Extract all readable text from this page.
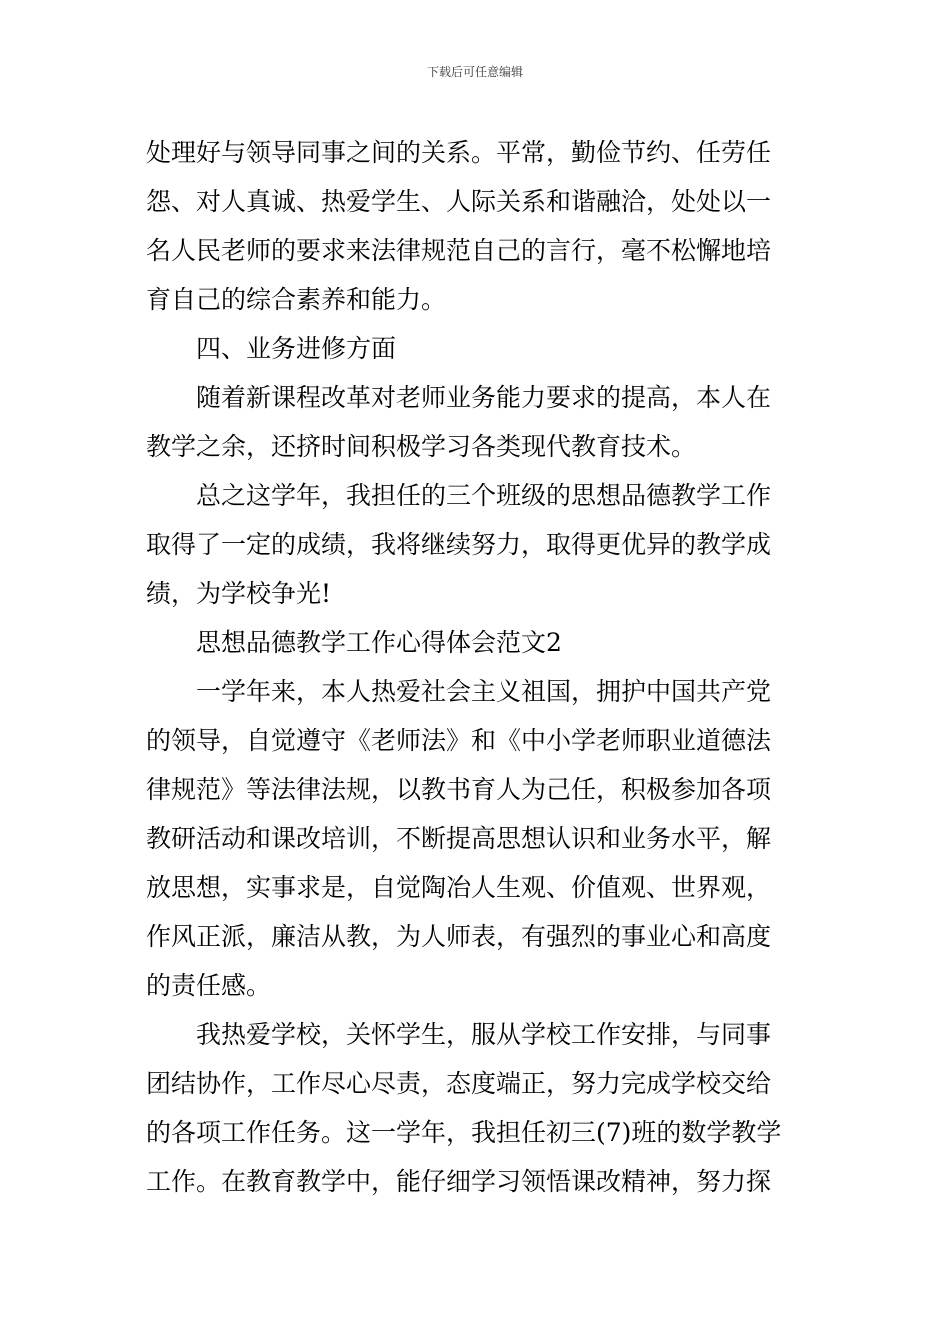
下载后可任意编辑

处理好与领导同事之间的关系。平常，勤俭节约、任劳任
怨、对人真诚、热爱学生、人际关系和谐融洽，处处以一
名人民老师的要求来法律规范自己的言行，毫不松懈地培
育自己的综合素养和能力。

四、业务进修方面

随着新课程改革对老师业务能力要求的提高，本人在
教学之余，还挤时间积极学习各类现代教育技术。

总之这学年，我担任的三个班级的思想品德教学工作
取得了一定的成绩，我将继续努力，取得更优异的教学成
绩，为学校争光!

思想品德教学工作心得体会范文2

一学年来，本人热爱社会主义祖国，拥护中国共产党
的领导，自觉遵守《老师法》和《中小学老师职业道德法
律规范》等法律法规，以教书育人为己任，积极参加各项
教研活动和课改培训，不断提高思想认识和业务水平，解
放思想，实事求是，自觉陶冶人生观、价值观、世界观，
作风正派，廉洁从教，为人师表，有强烈的事业心和高度
的责任感。

我热爱学校，关怀学生，服从学校工作安排，与同事
团结协作，工作尽心尽责，态度端正，努力完成学校交给
的各项工作任务。这一学年，我担任初三(7)班的数学教学
工作。在教育教学中，能仔细学习领悟课改精神，努力探
